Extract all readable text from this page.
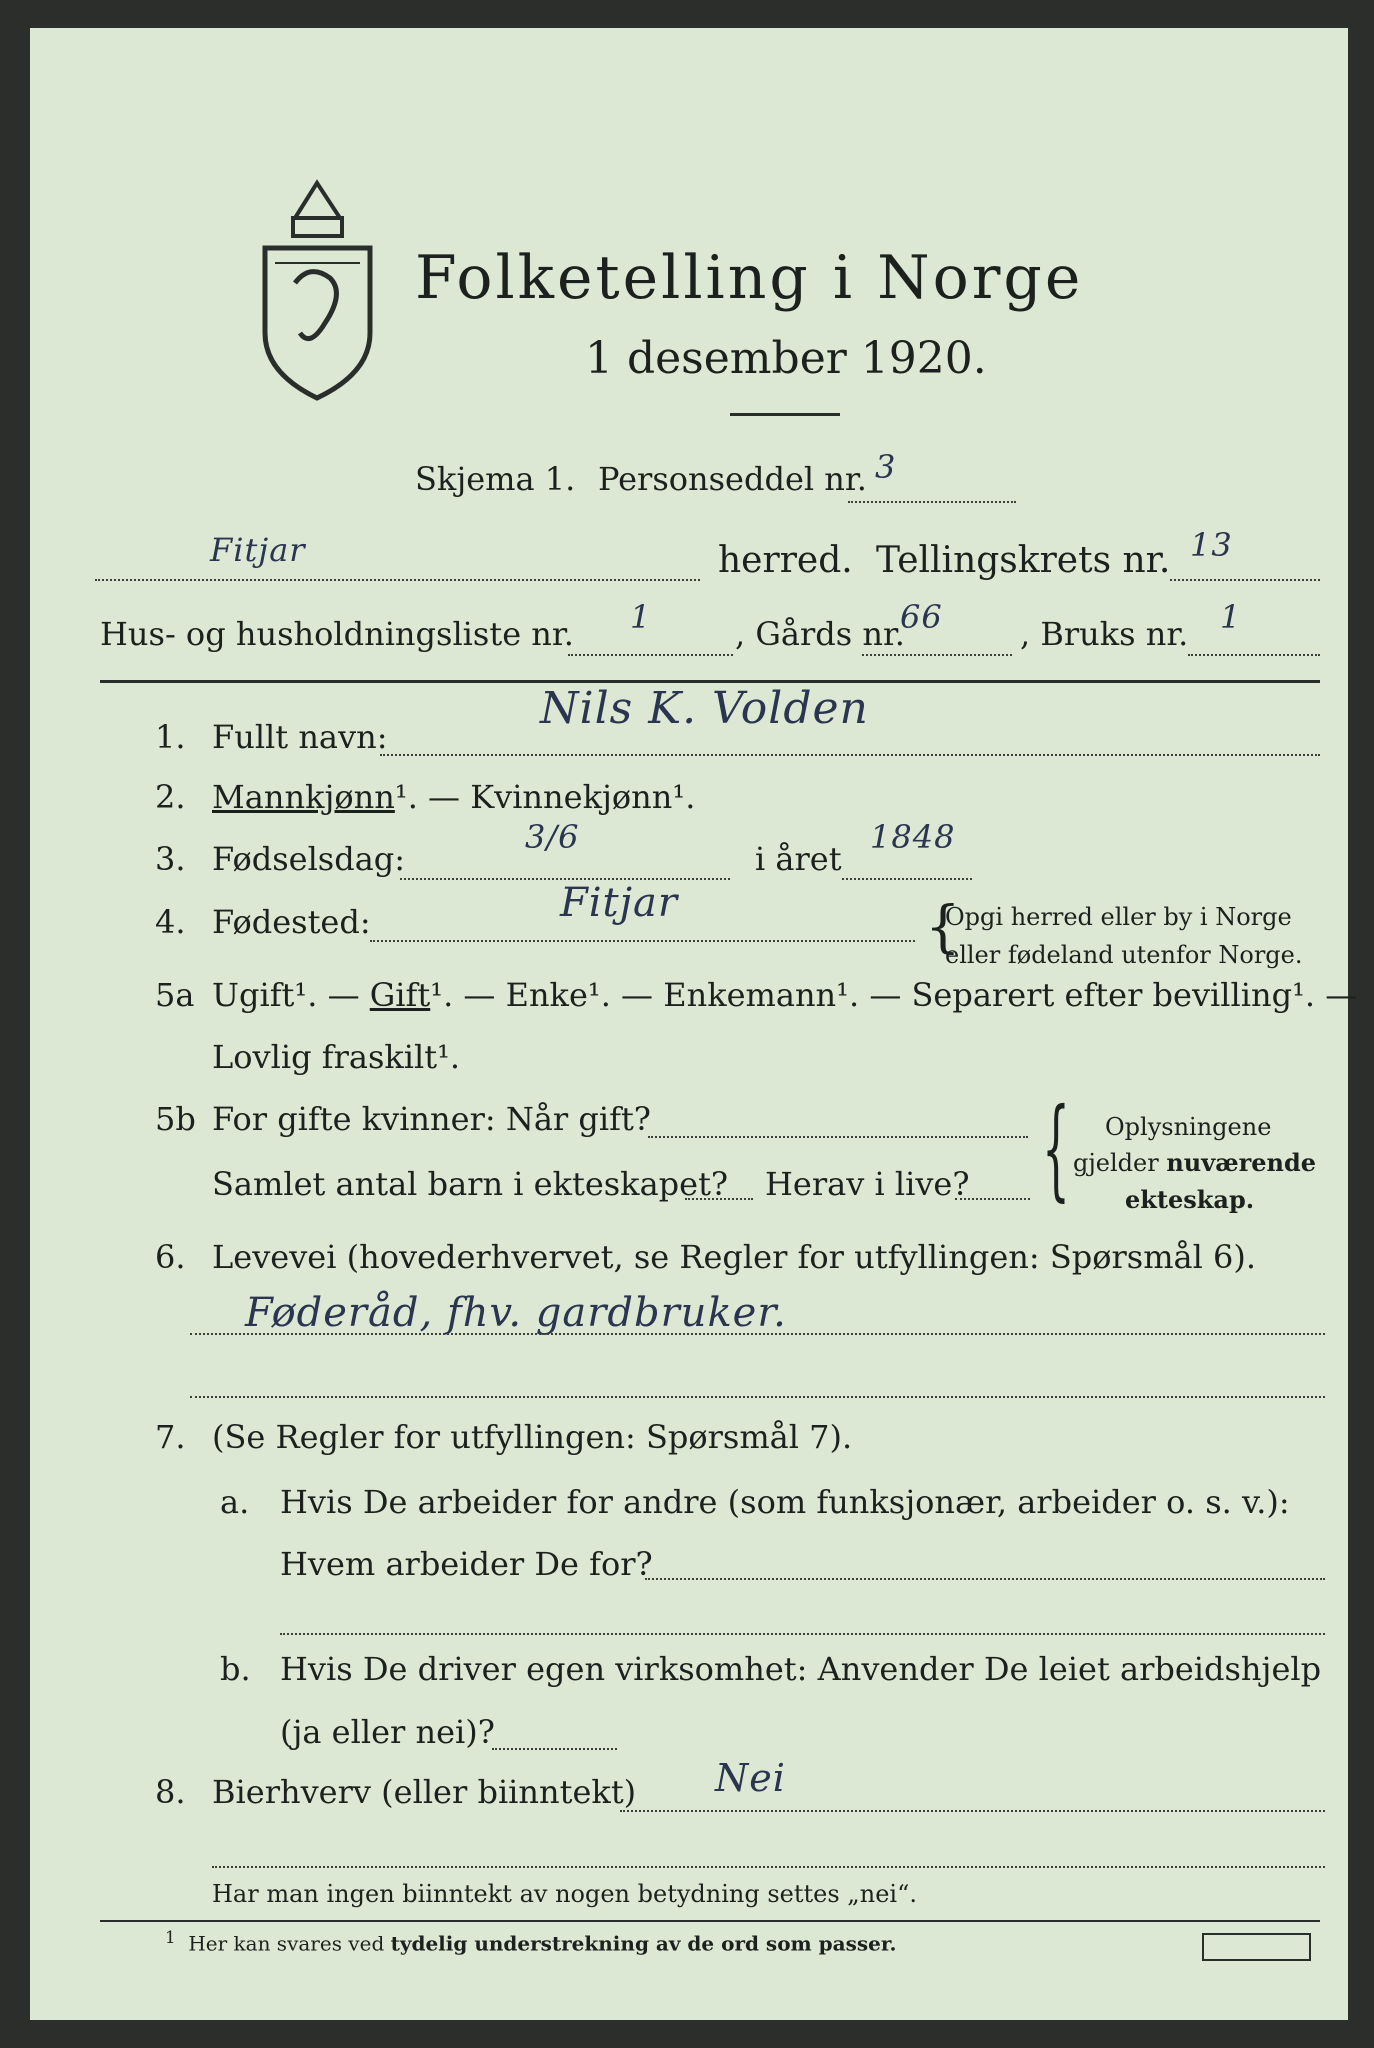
Folketelling i Norge
1 desember 1920.
Skjema 1. Personseddel nr. 3
Fitjar	herred. Tellingskrets nr. 13
Hus- og husholdningsliste nr. 1	, Gårds nr.
66 , Bruks nr. 1
1. Fullt navn:
Nils K. Volden
2. Mannkjønn¹. — Kvinnekjønn¹.
3. Fødselsdag:
3/6
i året
1848
4. Fødested:	Fitjar	{
Opgi herred eller by i Norge
eller fødeland utenfor Norge.
5a Ugift¹. — Gift¹. — Enke¹. — Enkemann¹. — Separert efter bevilling¹. —
Lovlig fraskilt¹.
5b For gifte kvinner: Når gift?
Samlet antal barn i ekteskapet? Herav i live? { Oplysningene
gjelder nuværende
ekteskap.
6. Levevei (hovederhvervet, se Regler for utfyllingen: Spørsmål 6).
Føderåd, fhv. gardbruker.
7. (Se Regler for utfyllingen: Spørsmål 7).
a. Hvis De arbeider for andre (som funksjonær, arbeider o. s. v.):
Hvem arbeider De for?
b. Hvis De driver egen virksomhet: Anvender De leiet arbeidshjelp
(ja eller nei)?
8. Bierhverv (eller biinntekt) Nei
Har man ingen biinntekt av nogen betydning settes „nei“.
$^1$ Her kan svares ved tydelig understrekning av de ord som passer.
